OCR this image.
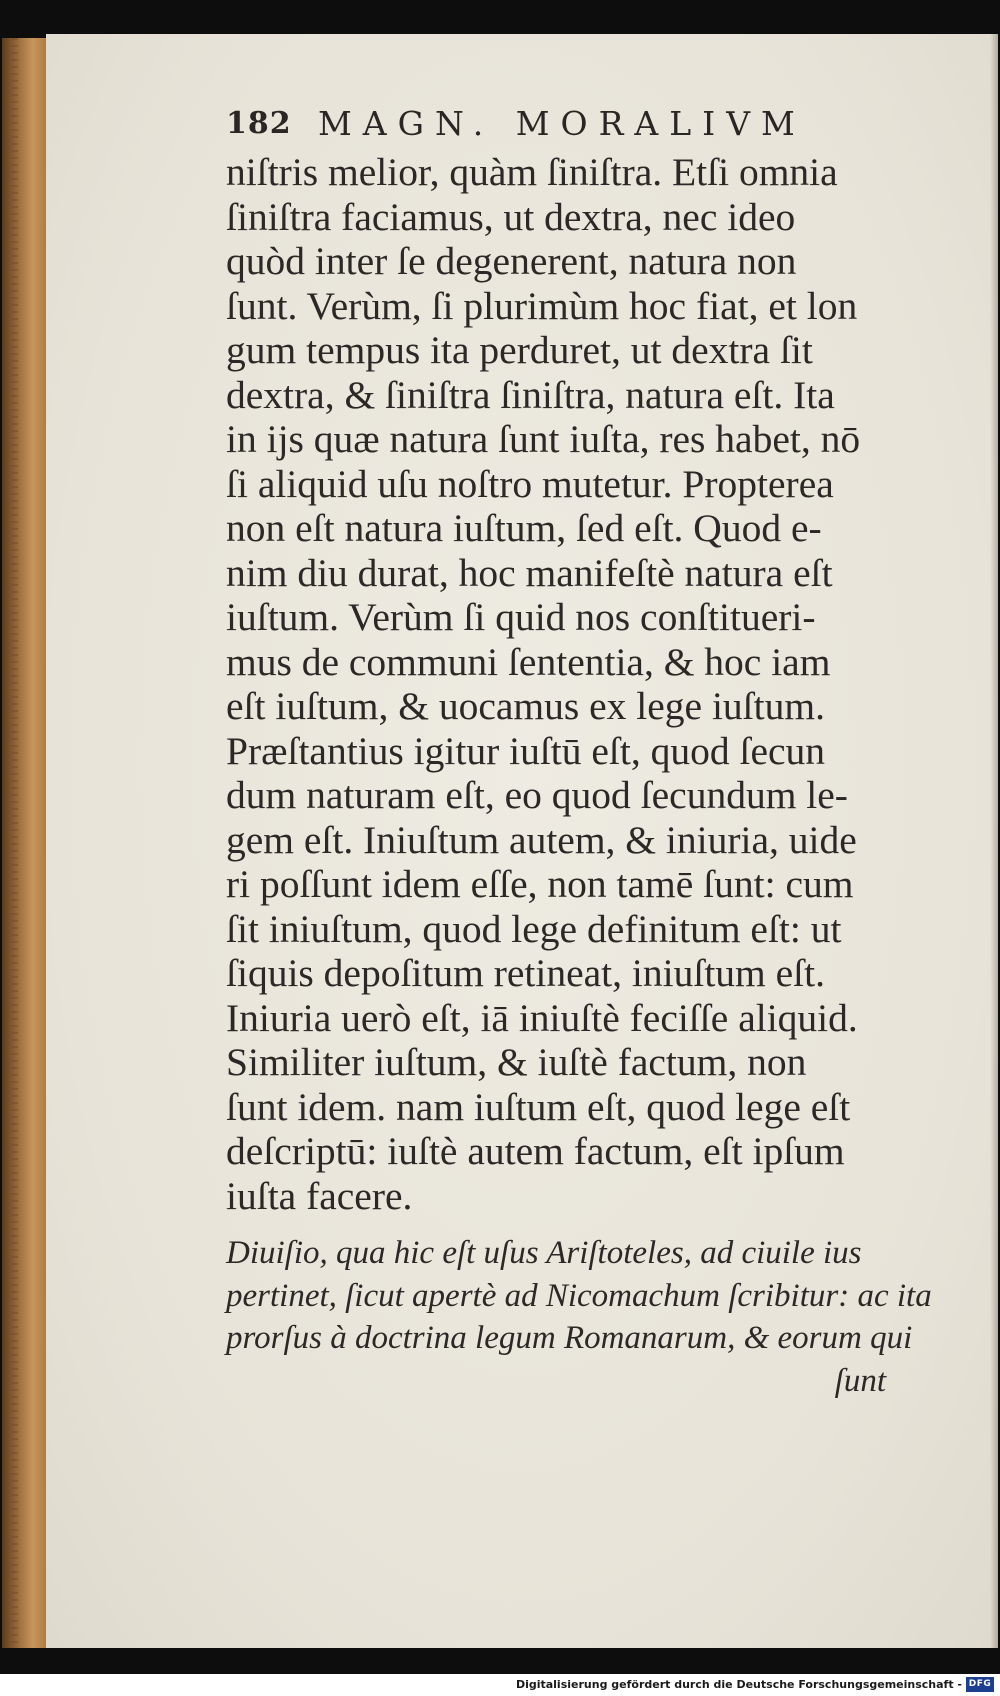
182 MAGN. MORALIVM
niſtris melior, quàm ſiniſtra. Etſi omnia
ſiniſtra faciamus, ut dextra, nec ideo
quòd inter ſe degenerent, natura non
ſunt. Verùm, ſi plurimùm hoc fiat, et lon
gum tempus ita perduret, ut dextra ſit
dextra, & ſiniſtra ſiniſtra, natura eſt. Ita
in ijs quæ natura ſunt iuſta, res habet, nō
ſi aliquid uſu noſtro mutetur. Propterea
non eſt natura iuſtum, ſed eſt. Quod e-
nim diu durat, hoc manifeſtè natura eſt
iuſtum. Verùm ſi quid nos conſtitueri-
mus de communi ſententia, & hoc iam
eſt iuſtum, & uocamus ex lege iuſtum.
Præſtantius igitur iuſtū eſt, quod ſecun
dum naturam eſt, eo quod ſecundum le-
gem eſt. Iniuſtum autem, & iniuria, uide
ri poſſunt idem eſſe, non tamē ſunt: cum
ſit iniuſtum, quod lege definitum eſt: ut
ſiquis depoſitum retineat, iniuſtum eſt.
Iniuria uerò eſt, iā iniuſtè feciſſe aliquid.
Similiter iuſtum, & iuſtè factum, non
ſunt idem. nam iuſtum eſt, quod lege eſt
deſcriptū: iuſtè autem factum, eſt ipſum
iuſta facere.
Diuiſio, qua hic eſt uſus Ariſtoteles, ad ciuile ius
pertinet, ſicut apertè ad Nicomachum ſcribitur: ac ita
prorſus à doctrina legum Romanarum, & eorum qui
ſunt
Digitalisierung gefördert durch die Deutsche Forschungsgemeinschaft - DFG
